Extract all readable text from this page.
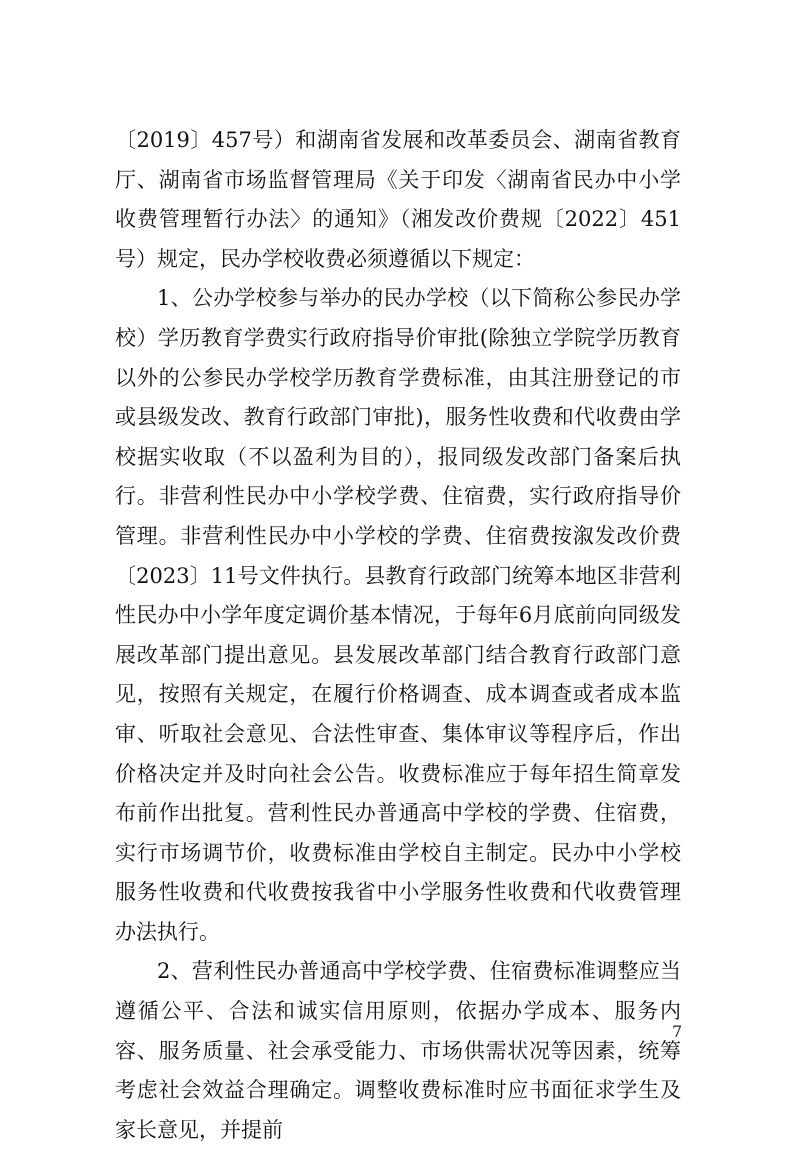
〔2019〕457号）和湖南省发展和改革委员会、湖南省教育厅、湖南省市场监督管理局《关于印发〈湖南省民办中小学收费管理暂行办法〉的通知》（湘发改价费规〔2022〕451号）规定，民办学校收费必须遵循以下规定：

1、公办学校参与举办的民办学校（以下简称公参民办学校）学历教育学费实行政府指导价审批(除独立学院学历教育以外的公参民办学校学历教育学费标准，由其注册登记的市或县级发改、教育行政部门审批)，服务性收费和代收费由学校据实收取（不以盈利为目的），报同级发改部门备案后执行。非营利性民办中小学校学费、住宿费，实行政府指导价管理。非营利性民办中小学校的学费、住宿费按溆发改价费〔2023〕11号文件执行。县教育行政部门统筹本地区非营利性民办中小学年度定调价基本情况，于每年6月底前向同级发展改革部门提出意见。县发展改革部门结合教育行政部门意见，按照有关规定，在履行价格调查、成本调查或者成本监审、听取社会意见、合法性审查、集体审议等程序后，作出价格决定并及时向社会公告。收费标准应于每年招生简章发布前作出批复。营利性民办普通高中学校的学费、住宿费，实行市场调节价，收费标准由学校自主制定。民办中小学校服务性收费和代收费按我省中小学服务性收费和代收费管理办法执行。

2、营利性民办普通高中学校学费、住宿费标准调整应当遵循公平、合法和诚实信用原则，依据办学成本、服务内容、服务质量、社会承受能力、市场供需状况等因素，统筹考虑社会效益合理确定。调整收费标准时应书面征求学生及家长意见，并提前

7
